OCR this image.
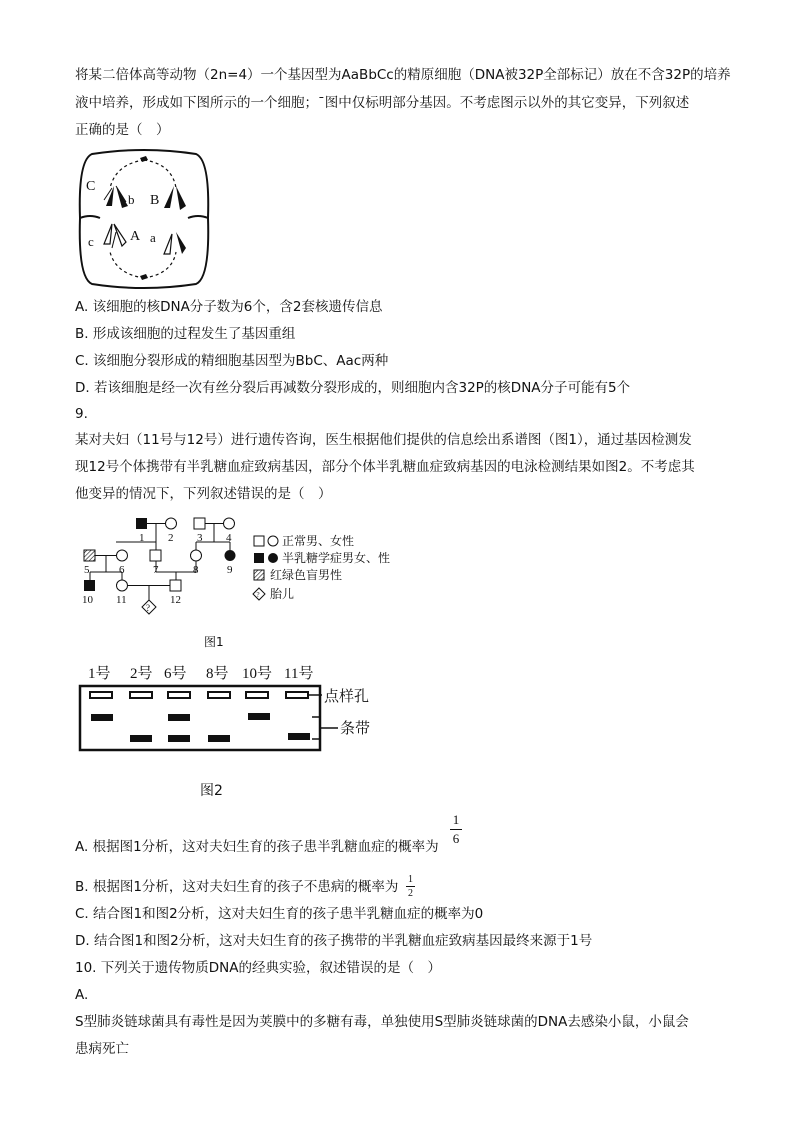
将某二倍体高等动物（2n=4）一个基因型为AaBbCc的精原细胞（DNA被32P全部标记）放在不含32P的培养
液中培养，形成如下图所示的一个细胞；¯图中仅标明部分基因。不考虑图示以外的其它变异，下列叙述
正确的是（　）
C
b B
c	A a
A. 该细胞的核DNA分子数为6个，含2套核遗传信息
B. 形成该细胞的过程发生了基因重组
C. 该细胞分裂形成的精细胞基因型为BbC、Aac两种
D. 若该细胞是经一次有丝分裂后再减数分裂形成的，则细胞内含32P的核DNA分子可能有5个
9.
某对夫妇（11号与12号）进行遗传咨询，医生根据他们提供的信息绘出系谱图（图1），通过基因检测发
现12号个体携带有半乳糖血症致病基因，部分个体半乳糖血症致病基因的电泳检测结果如图2。不考虑其
他变异的情况下，下列叙述错误的是（　）
?
1 2 3 4
5	6	7	8	9
10 11	12
正常男、女性
半乳糖学症男女、性
红绿色盲男性
? 胎儿
图1
1号 2号 6号 8号 10号 11号
点样孔
条带
图2
1
6
A. 根据图1分析，这对夫妇生育的孩子患半乳糖血症的概率为
1
2
B. 根据图1分析，这对夫妇生育的孩子不患病的概率为
C. 结合图1和图2分析，这对夫妇生育的孩子患半乳糖血症的概率为0
D. 结合图1和图2分析，这对夫妇生育的孩子携带的半乳糖血症致病基因最终来源于1号
10. 下列关于遗传物质DNA的经典实验，叙述错误的是（　）
A.
S型肺炎链球菌具有毒性是因为荚膜中的多糖有毒，单独使用S型肺炎链球菌的DNA去感染小鼠，小鼠会
患病死亡
